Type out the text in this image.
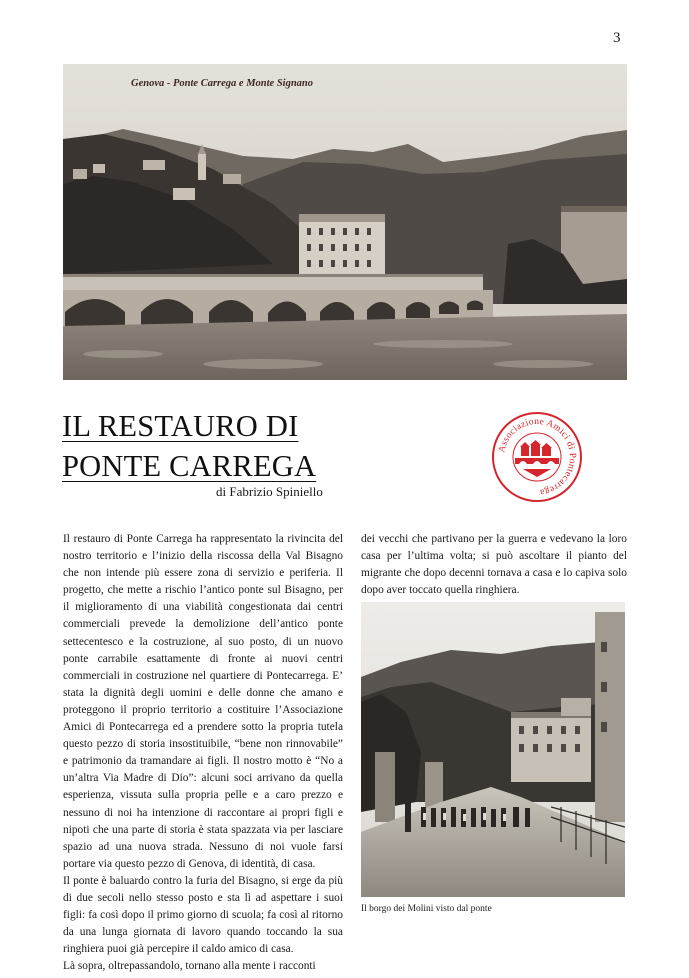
3
Genova - Ponte Carrega e Monte Signano
IL RESTAURO DI
PONTE CARREGA
di Fabrizio Spiniello
Associazione Amici di Pontecarrega

Il restauro di Ponte Carrega ha rappresentato la rivincita del nostro territorio e l’inizio della riscossa della Val Bisagno che non intende più essere zona di servizio e periferia. Il progetto, che mette a rischio l’antico ponte sul Bisagno, per il miglioramento di una viabilità congestionata dai centri commerciali prevede la demolizione dell’antico ponte settecentesco e la costruzione, al suo posto, di un nuovo ponte carrabile esattamente di fronte ai nuovi centri commerciali in costruzione nel quartiere di Pontecarrega. E’ stata la dignità degli uomini e delle donne che amano e proteggono il proprio territorio a costituire l’Associazione Amici di Pontecarrega ed a prendere sotto la propria tutela questo pezzo di storia insostituibile, “bene non rinnovabile” e patrimonio da tramandare ai figli. Il nostro motto è “No a un’altra Via Madre di Dio”: alcuni soci arrivano da quella esperienza, vissuta sulla propria pelle e a caro prezzo e nessuno di noi ha intenzione di raccontare ai propri figli e nipoti che una parte di storia è stata spazzata via per lasciare spazio ad una nuova strada. Nessuno di noi vuole farsi portare via questo pezzo di Genova, di identità, di casa.

Il ponte è baluardo contro la furia del Bisagno, si erge da più di due secoli nello stesso posto e sta lì ad aspettare i suoi figli: fa così dopo il primo giorno di scuola; fa così al ritorno da una lunga giornata di lavoro quando toccando la sua ringhiera puoi già percepire il caldo amico di casa.

Là sopra, oltrepassandolo, tornano alla mente i racconti

dei vecchi che partivano per la guerra e vedevano la loro casa per l’ultima volta; si può ascoltare il pianto del migrante che dopo decenni tornava a casa e lo capiva solo dopo aver toccato quella ringhiera.

Il borgo dei Molini visto dal ponte
